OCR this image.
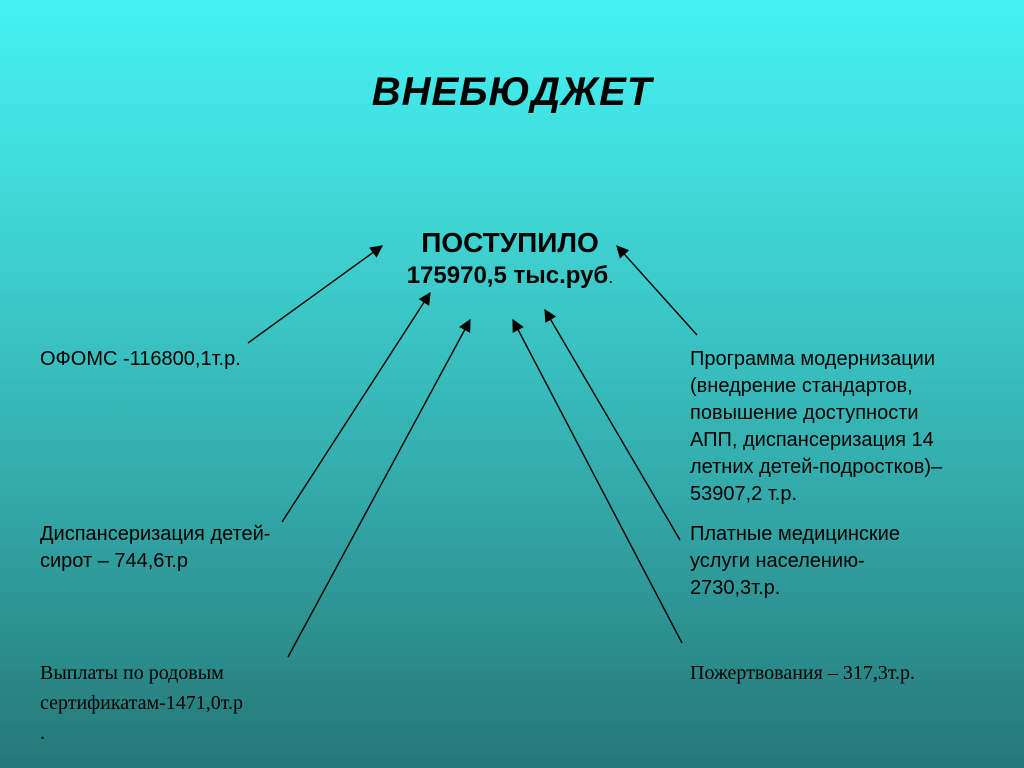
ВНЕБЮДЖЕТ
ПОСТУПИЛО
175970,5 тыс.руб.
ОФОМС -116800,1т.р.
Диспансеризация детей-
сирот – 744,6т.р
Выплаты по родовым
сертификатам-1471,0т.р
.
Программа модернизации
(внедрение стандартов,
повышение доступности
АПП, диспансеризация 14
летних детей-подростков)–
53907,2 т.р.
Платные медицинские
услуги населению-
2730,3т.р.
Пожертвования – 317,3т.р.
